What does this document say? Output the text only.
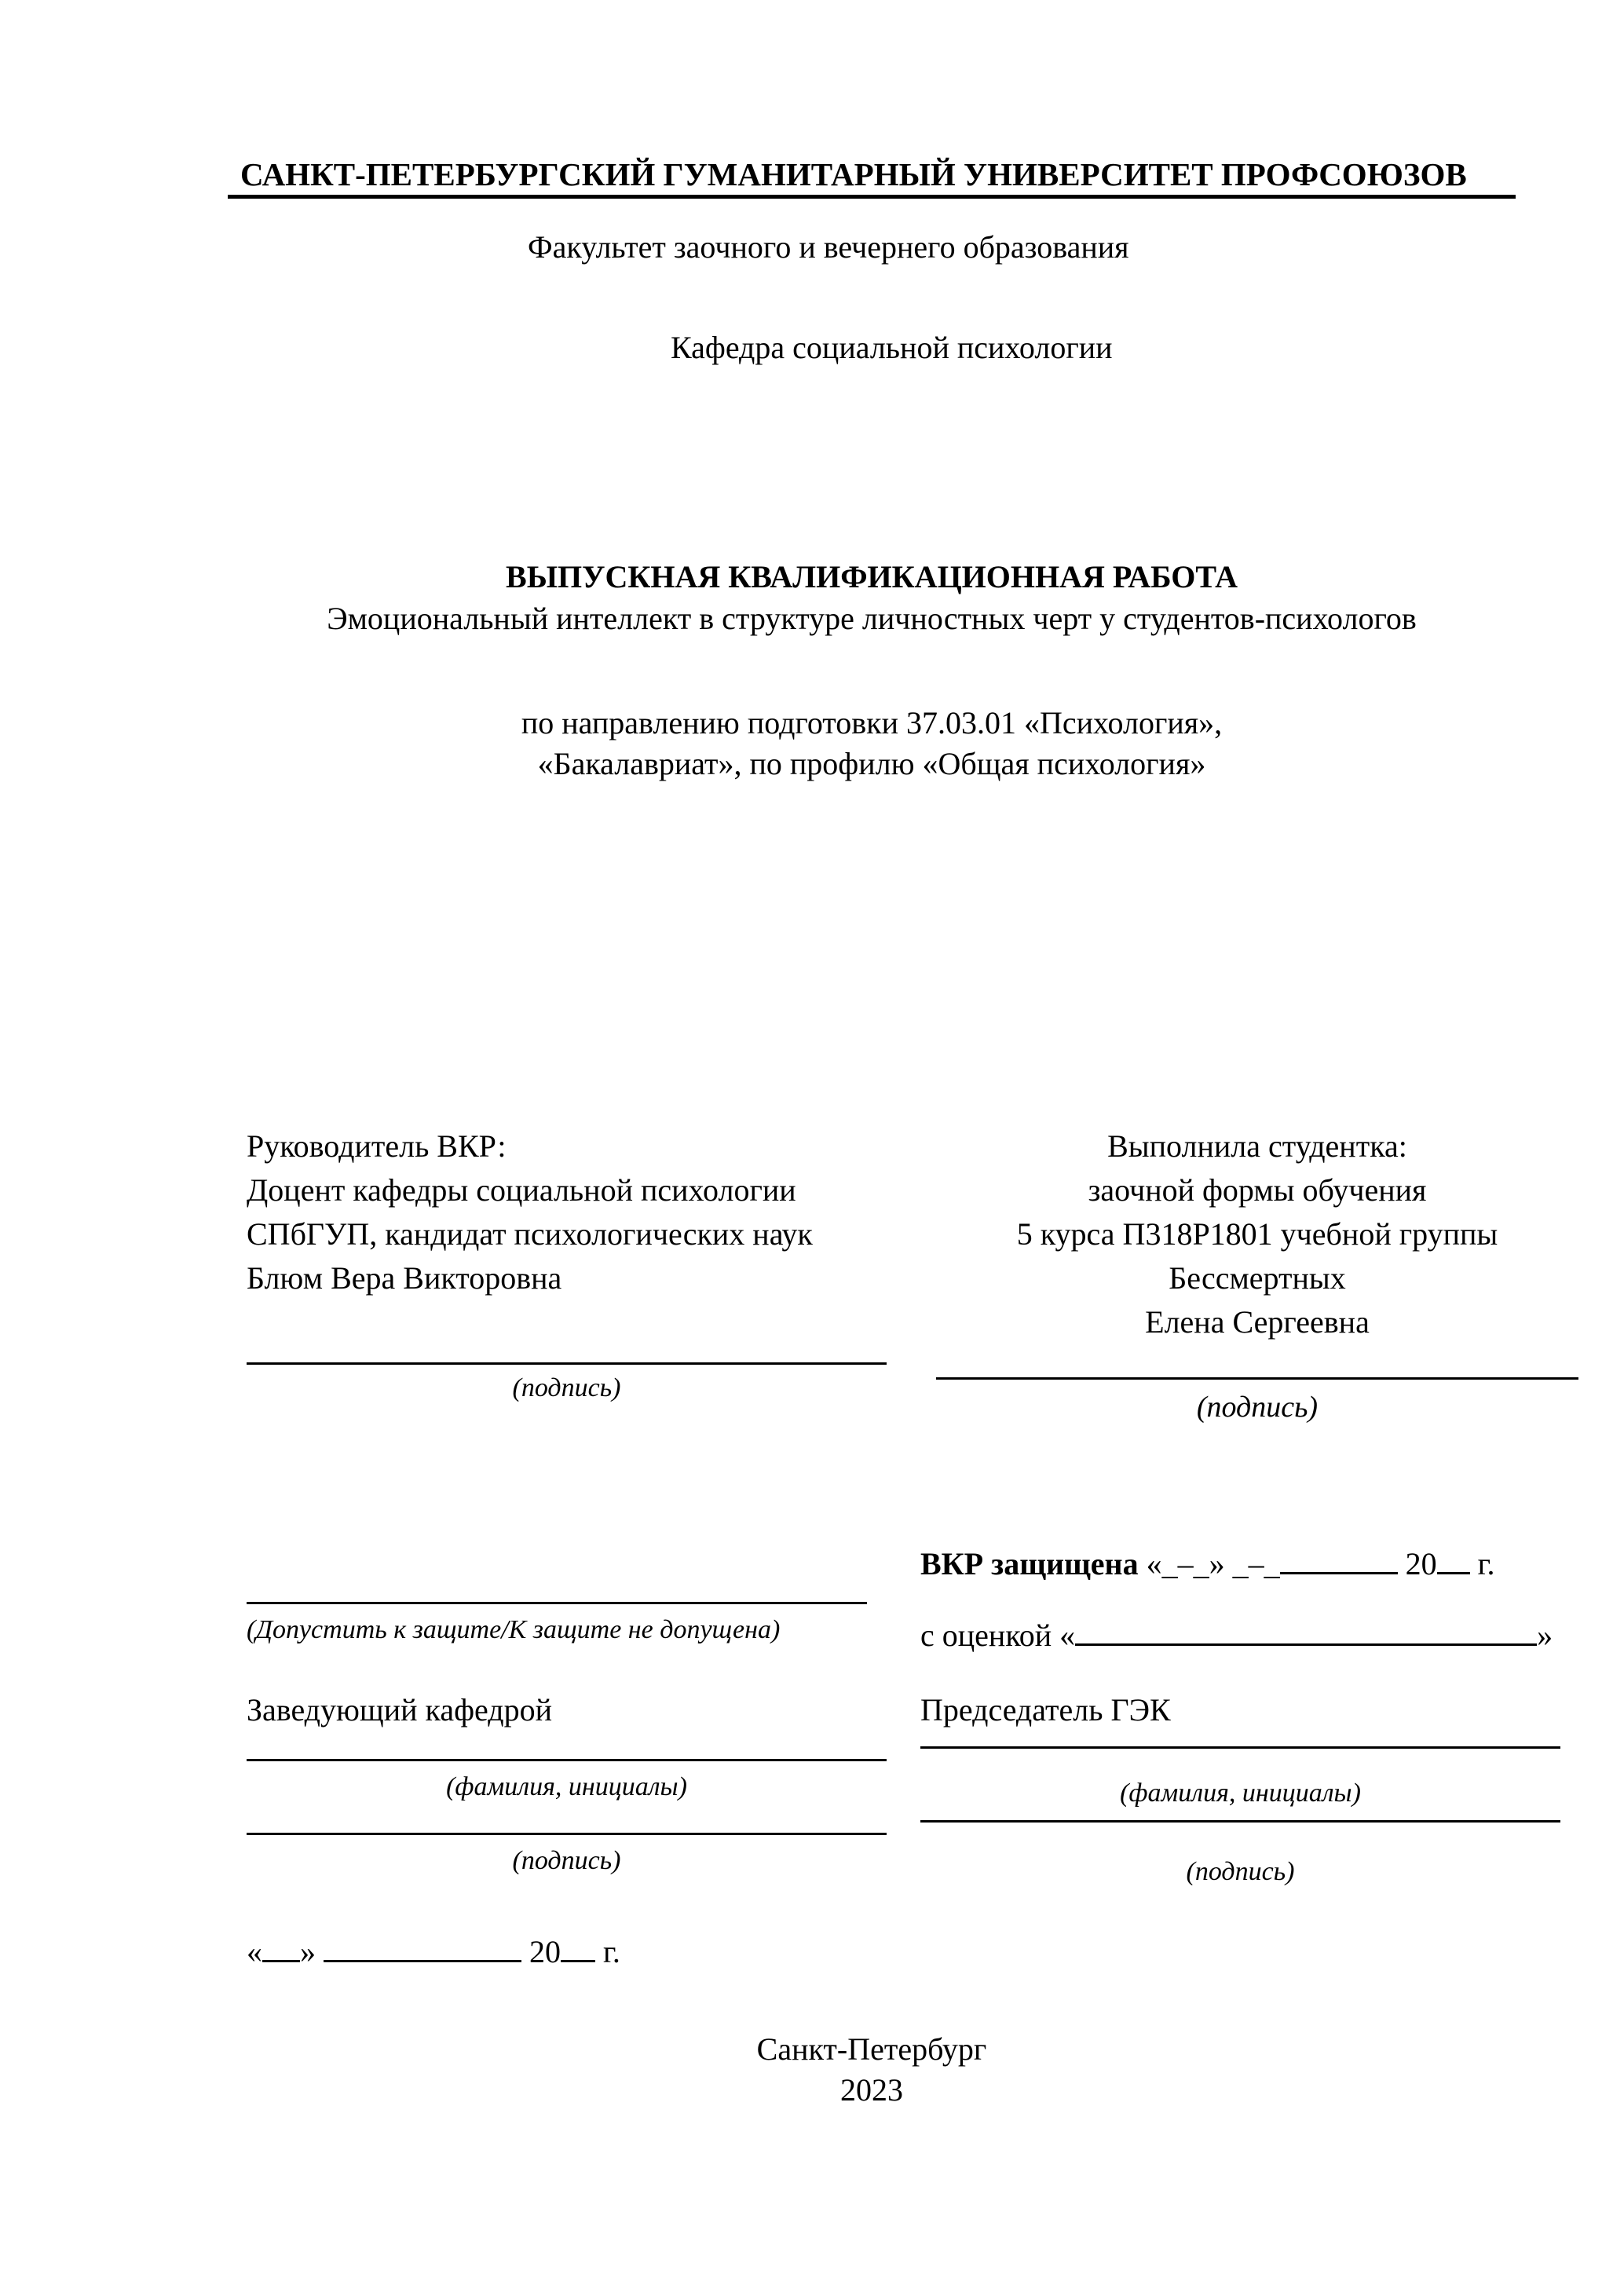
САНКТ-ПЕТЕРБУРГСКИЙ ГУМАНИТАРНЫЙ УНИВЕРСИТЕТ ПРОФСОЮЗОВ
Факультет заочного и вечернего образования
Кафедра социальной психологии
ВЫПУСКНАЯ КВАЛИФИКАЦИОННАЯ РАБОТА
Эмоциональный интеллект в структуре личностных черт у студентов-психологов
по направлению подготовки 37.03.01 «Психология»,
«Бакалавриат», по профилю «Общая психология»
Руководитель ВКР:
Доцент кафедры социальной психологии
СПбГУП, кандидат психологических наук
Блюм Вера Викторовна
(подпись)
Выполнила студентка:
заочной формы обучения
5 курса П318Р1801 учебной группы
Бессмертных
Елена Сергеевна
(подпись)
(Допустить к защите/К защите не допущена)
Заведующий кафедрой
(фамилия, инициалы)
(подпись)
« »	20 г.
ВКР защищена «_–_» _–_	20 г.
с оценкой «	»
Председатель ГЭК
(фамилия, инициалы)
(подпись)
Санкт-Петербург
2023
